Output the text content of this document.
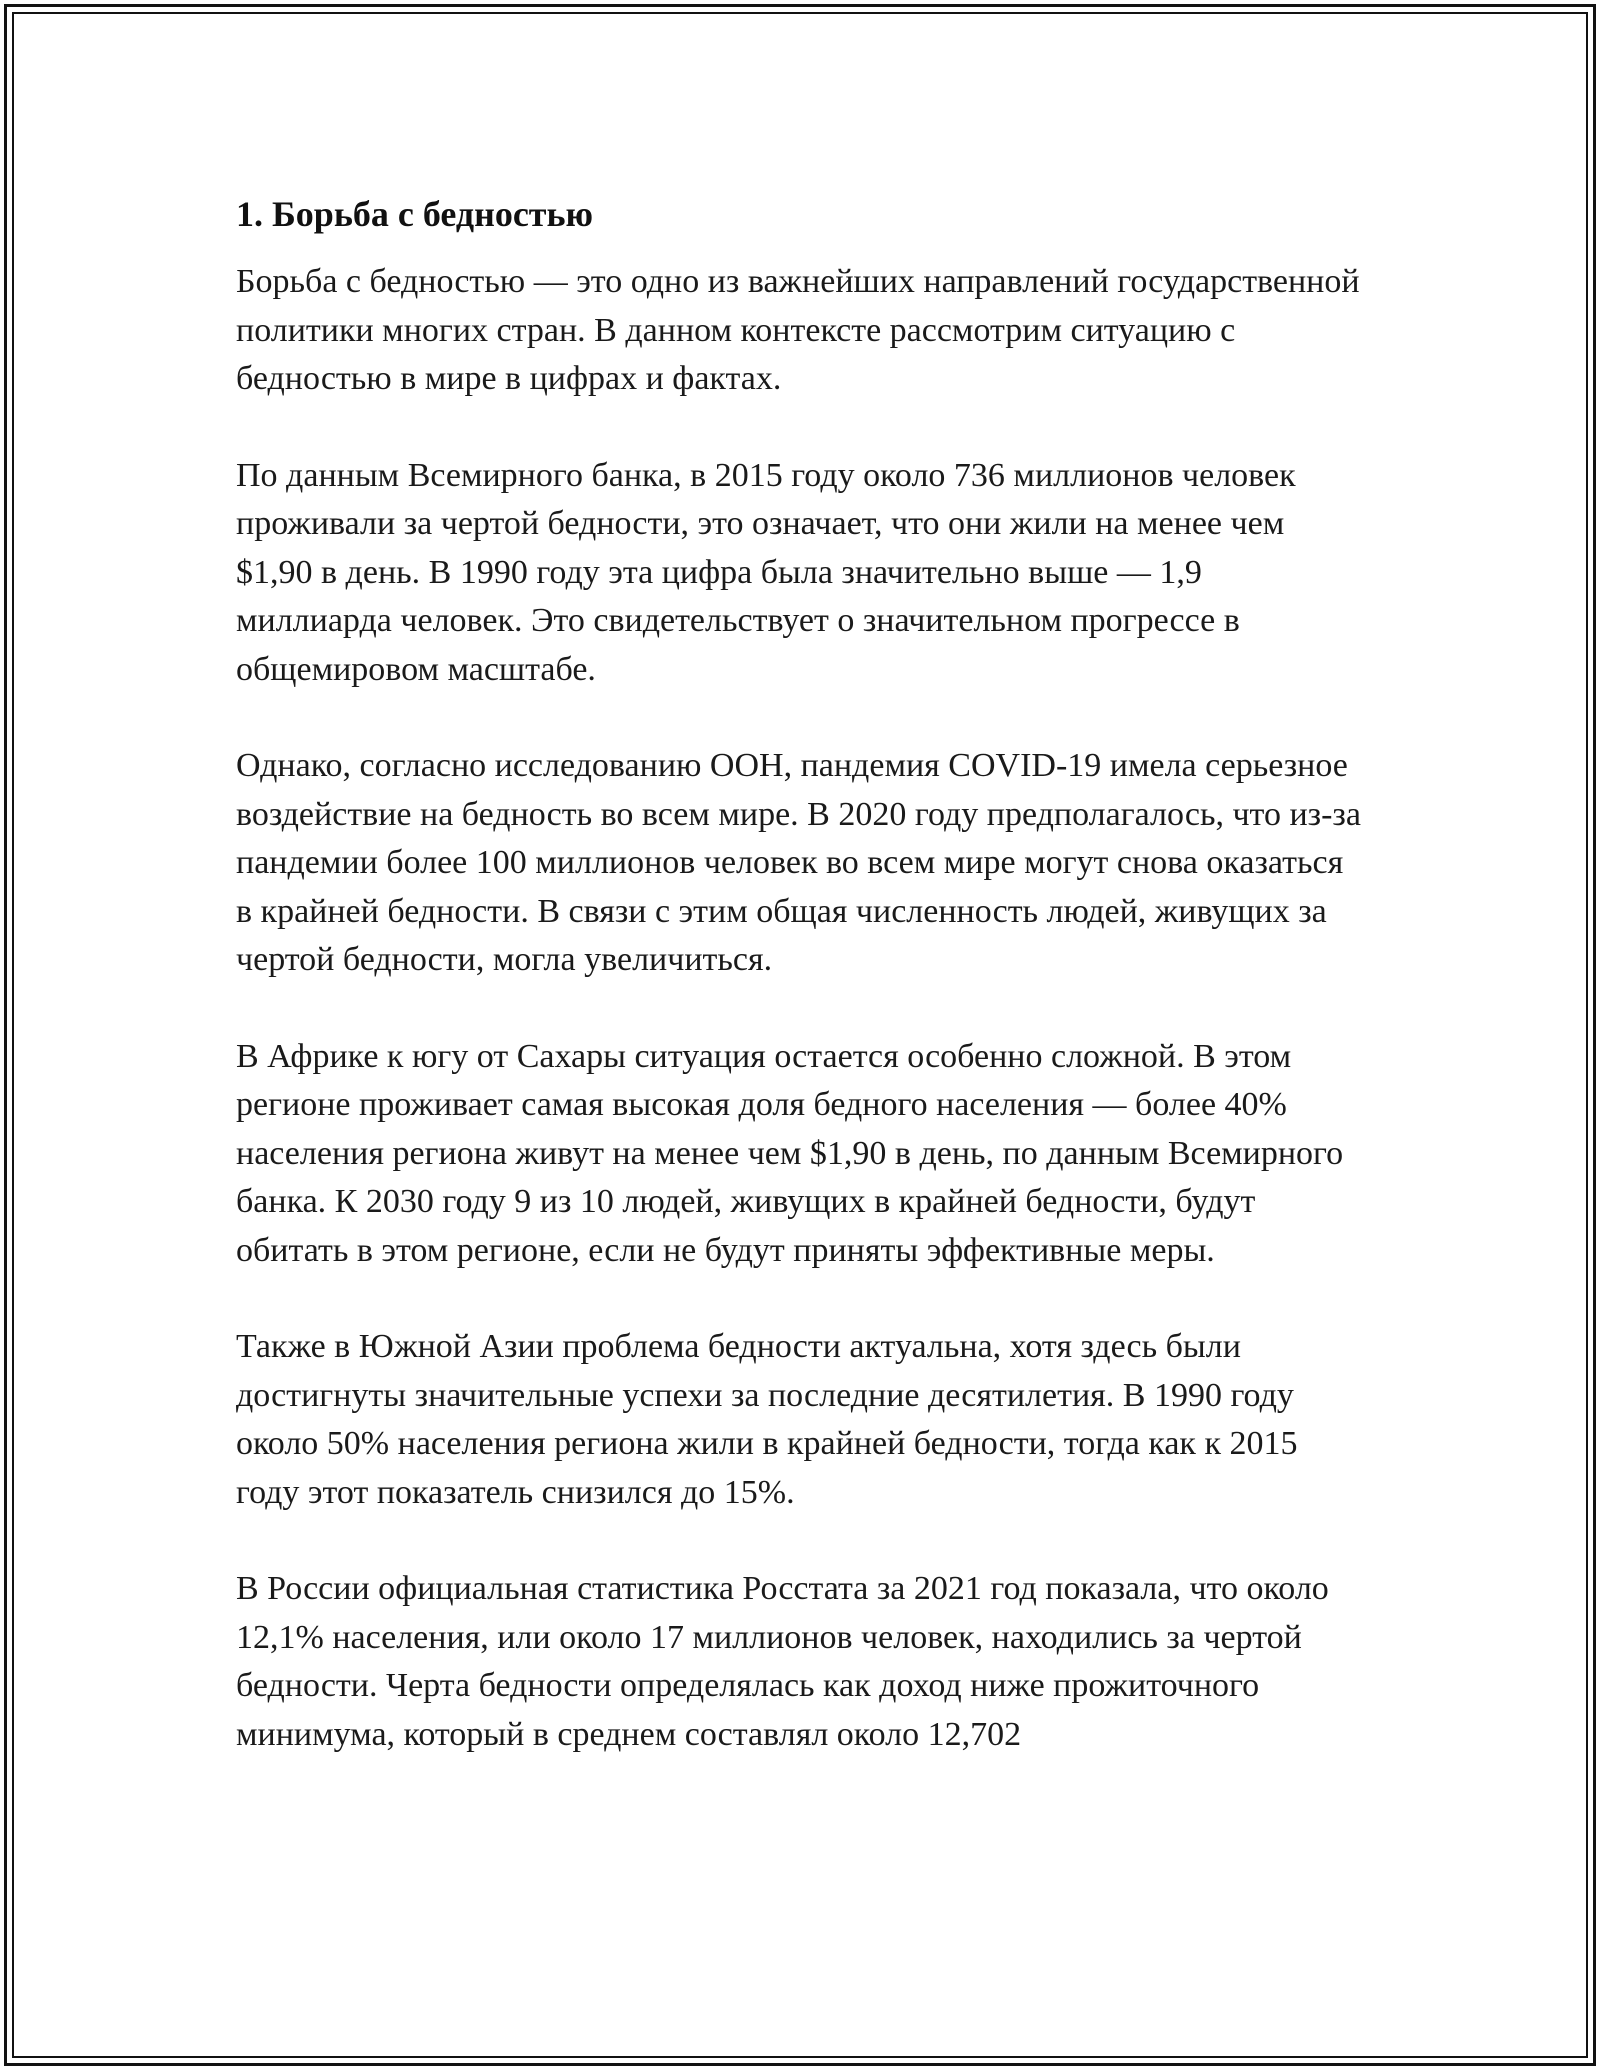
1. Борьба с бедностью

Борьба с бедностью — это одно из важнейших направлений государственной политики многих стран. В данном контексте рассмотрим ситуацию с бедностью в мире в цифрах и фактах.

По данным Всемирного банка, в 2015 году около 736 миллионов человек проживали за чертой бедности, это означает, что они жили на менее чем $1,90 в день. В 1990 году эта цифра была значительно выше — 1,9 миллиарда человек. Это свидетельствует о значительном прогрессе в общемировом масштабе.

Однако, согласно исследованию ООН, пандемия COVID-19 имела серьезное воздействие на бедность во всем мире. В 2020 году предполагалось, что из-за пандемии более 100 миллионов человек во всем мире могут снова оказаться в крайней бедности. В связи с этим общая численность людей, живущих за чертой бедности, могла увеличиться.

В Африке к югу от Сахары ситуация остается особенно сложной. В этом регионе проживает самая высокая доля бедного населения — более 40% населения региона живут на менее чем $1,90 в день, по данным Всемирного банка. К 2030 году 9 из 10 людей, живущих в крайней бедности, будут обитать в этом регионе, если не будут приняты эффективные меры.

Также в Южной Азии проблема бедности актуальна, хотя здесь были достигнуты значительные успехи за последние десятилетия. В 1990 году около 50% населения региона жили в крайней бедности, тогда как к 2015 году этот показатель снизился до 15%.

В России официальная статистика Росстата за 2021 год показала, что около 12,1% населения, или около 17 миллионов человек, находились за чертой бедности. Черта бедности определялась как доход ниже прожиточного минимума, который в среднем составлял около 12,702
